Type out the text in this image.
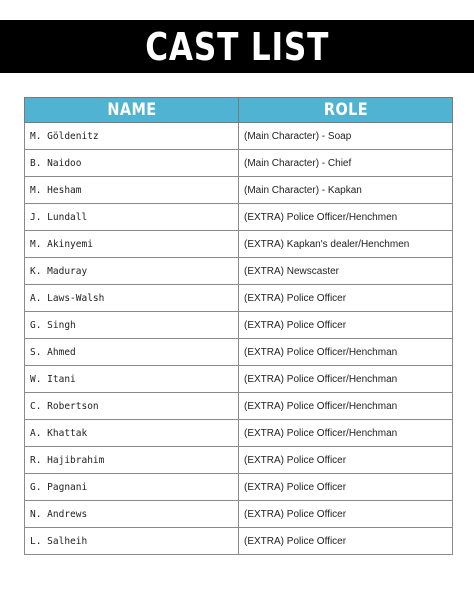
CAST LIST
NAME	ROLE
M. Göldenitz	(Main Character) - Soap
B. Naidoo	(Main Character) - Chief
M. Hesham	(Main Character) - Kapkan
J. Lundall	(EXTRA) Police Officer/Henchmen
M. Akinyemi	(EXTRA) Kapkan's dealer/Henchmen
K. Maduray	(EXTRA) Newscaster
A. Laws-Walsh	(EXTRA) Police Officer
G. Singh	(EXTRA) Police Officer
S. Ahmed	(EXTRA) Police Officer/Henchman
W. Itani	(EXTRA) Police Officer/Henchman
C. Robertson	(EXTRA) Police Officer/Henchman
A. Khattak	(EXTRA) Police Officer/Henchman
R. Hajibrahim	(EXTRA) Police Officer
G. Pagnani	(EXTRA) Police Officer
N. Andrews	(EXTRA) Police Officer
L. Salheih	(EXTRA) Police Officer
